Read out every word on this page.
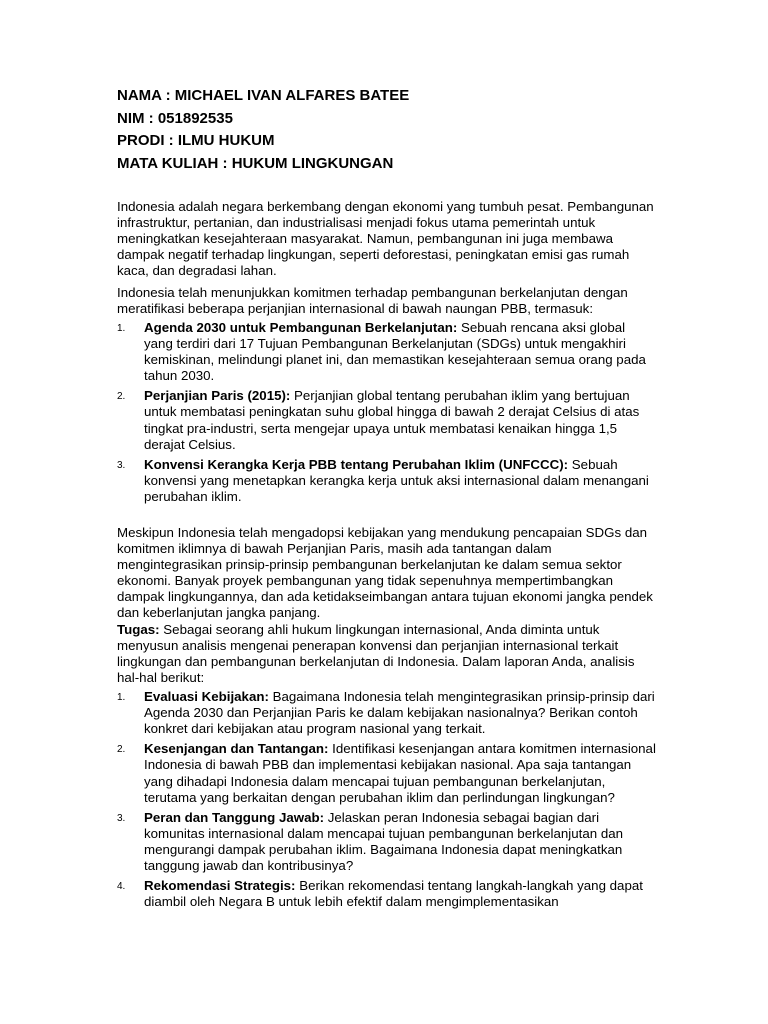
NAMA : MICHAEL IVAN ALFARES BATEE
NIM : 051892535
PRODI : ILMU HUKUM
MATA KULIAH : HUKUM LINGKUNGAN

Indonesia adalah negara berkembang dengan ekonomi yang tumbuh pesat. Pembangunan infrastruktur, pertanian, dan industrialisasi menjadi fokus utama pemerintah untuk meningkatkan kesejahteraan masyarakat. Namun, pembangunan ini juga membawa dampak negatif terhadap lingkungan, seperti deforestasi, peningkatan emisi gas rumah kaca, dan degradasi lahan.

Indonesia telah menunjukkan komitmen terhadap pembangunan berkelanjutan dengan meratifikasi beberapa perjanjian internasional di bawah naungan PBB, termasuk:

1. Agenda 2030 untuk Pembangunan Berkelanjutan: Sebuah rencana aksi global yang terdiri dari 17 Tujuan Pembangunan Berkelanjutan (SDGs) untuk mengakhiri kemiskinan, melindungi planet ini, dan memastikan kesejahteraan semua orang pada tahun 2030.
2. Perjanjian Paris (2015): Perjanjian global tentang perubahan iklim yang bertujuan untuk membatasi peningkatan suhu global hingga di bawah 2 derajat Celsius di atas tingkat pra-industri, serta mengejar upaya untuk membatasi kenaikan hingga 1,5 derajat Celsius.
3. Konvensi Kerangka Kerja PBB tentang Perubahan Iklim (UNFCCC): Sebuah konvensi yang menetapkan kerangka kerja untuk aksi internasional dalam menangani perubahan iklim.

Meskipun Indonesia telah mengadopsi kebijakan yang mendukung pencapaian SDGs dan komitmen iklimnya di bawah Perjanjian Paris, masih ada tantangan dalam mengintegrasikan prinsip-prinsip pembangunan berkelanjutan ke dalam semua sektor ekonomi. Banyak proyek pembangunan yang tidak sepenuhnya mempertimbangkan dampak lingkungannya, dan ada ketidakseimbangan antara tujuan ekonomi jangka pendek dan keberlanjutan jangka panjang.

Tugas: Sebagai seorang ahli hukum lingkungan internasional, Anda diminta untuk menyusun analisis mengenai penerapan konvensi dan perjanjian internasional terkait lingkungan dan pembangunan berkelanjutan di Indonesia. Dalam laporan Anda, analisis hal-hal berikut:

1. Evaluasi Kebijakan: Bagaimana Indonesia telah mengintegrasikan prinsip-prinsip dari Agenda 2030 dan Perjanjian Paris ke dalam kebijakan nasionalnya? Berikan contoh konkret dari kebijakan atau program nasional yang terkait.
2. Kesenjangan dan Tantangan: Identifikasi kesenjangan antara komitmen internasional Indonesia di bawah PBB dan implementasi kebijakan nasional. Apa saja tantangan yang dihadapi Indonesia dalam mencapai tujuan pembangunan berkelanjutan, terutama yang berkaitan dengan perubahan iklim dan perlindungan lingkungan?
3. Peran dan Tanggung Jawab: Jelaskan peran Indonesia sebagai bagian dari komunitas internasional dalam mencapai tujuan pembangunan berkelanjutan dan mengurangi dampak perubahan iklim. Bagaimana Indonesia dapat meningkatkan tanggung jawab dan kontribusinya?
4. Rekomendasi Strategis: Berikan rekomendasi tentang langkah-langkah yang dapat diambil oleh Negara B untuk lebih efektif dalam mengimplementasikan
